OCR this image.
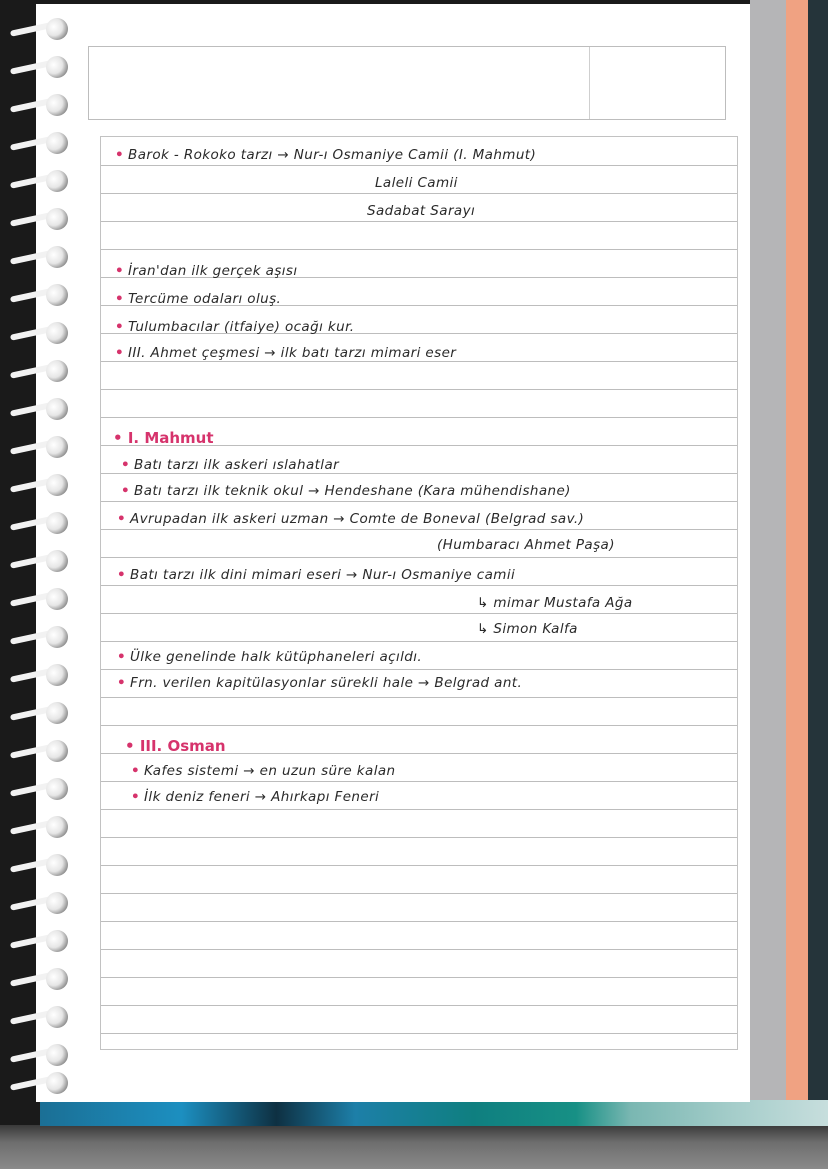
• Barok - Rokoko tarzı → Nur-ı Osmaniye Camii (I. Mahmut)
Laleli Camii
Sadabat Sarayı
• İran'dan ilk gerçek aşısı
• Tercüme odaları oluş.
• Tulumbacılar (itfaiye) ocağı kur.
• III. Ahmet çeşmesi → ilk batı tarzı mimari eser
• I. Mahmut
• Batı tarzı ilk askeri ıslahatlar
• Batı tarzı ilk teknik okul → Hendeshane (Kara mühendishane)
• Avrupadan ilk askeri uzman → Comte de Boneval (Belgrad sav.)
(Humbaracı Ahmet Paşa)
• Batı tarzı ilk dini mimari eseri → Nur-ı Osmaniye camii
↳ mimar Mustafa Ağa
↳ Simon Kalfa
• Ülke genelinde halk kütüphaneleri açıldı.
• Frn. verilen kapitülasyonlar sürekli hale → Belgrad ant.
• III. Osman
• Kafes sistemi → en uzun süre kalan
• İlk deniz feneri → Ahırkapı Feneri
